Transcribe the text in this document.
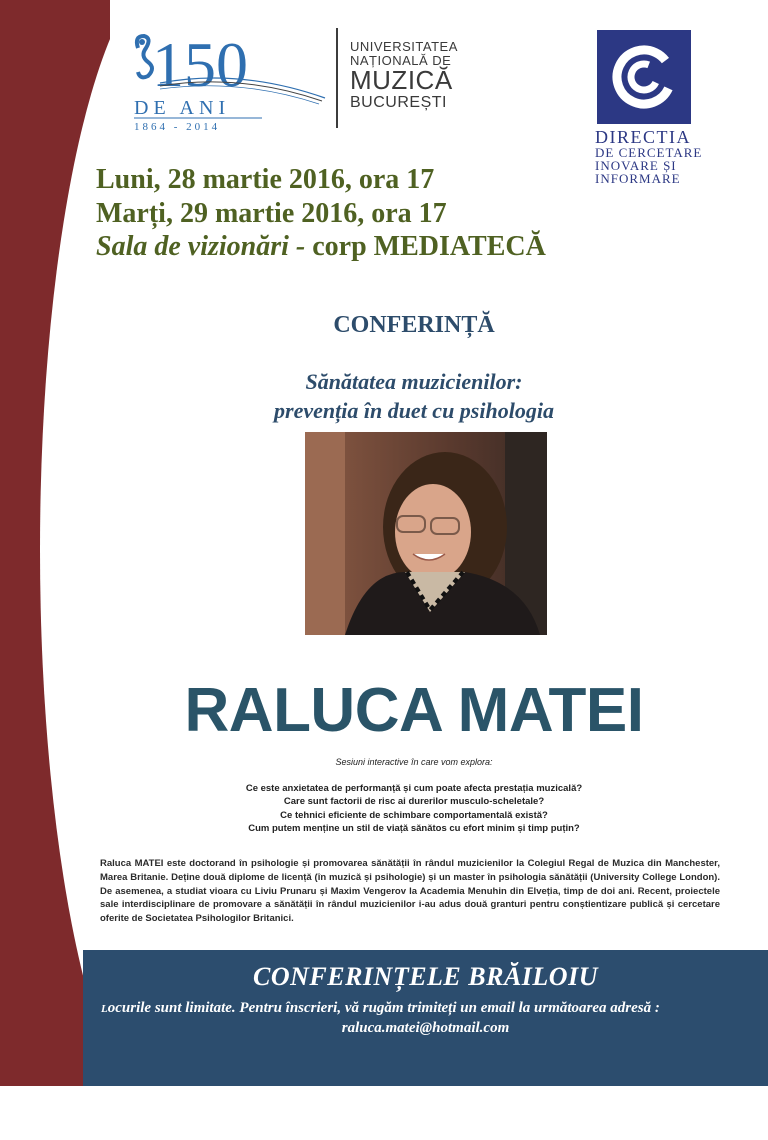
150
DE ANI
1864 - 2014
UNIVERSITATEA
NAȚIONALĂ DE
MUZICĂ
BUCUREȘTI
DIRECTIA
DE CERCETARE
INOVARE ȘI
INFORMARE
Luni, 28 martie 2016, ora 17
Marți, 29 martie 2016, ora 17
Sala de vizionări - corp MEDIATECĂ
CONFERINȚĂ
Sănătatea muzicienilor:
prevenția în duet cu psihologia
RALUCA MATEI
Sesiuni interactive în care vom explora:
Ce este anxietatea de performanță și cum poate afecta prestația muzicală?
Care sunt factorii de risc ai durerilor musculo-scheletale?
Ce tehnici eficiente de schimbare comportamentală există?
Cum putem menține un stil de viață sănătos cu efort minim și timp puțin?
Raluca MATEI este doctorand în psihologie și promovarea sănătății în rândul muzicienilor la Colegiul Regal de Muzica din Manchester, Marea Britanie. Deține două diplome de licență (în muzică și psihologie) și un master în psihologia sănătății (University College London). De asemenea, a studiat vioara cu Liviu Prunaru și Maxim Vengerov la Academia Menuhin din Elveția, timp de doi ani. Recent, proiectele sale interdisciplinare de promovare a sănătății în rândul muzicienilor i-au adus două granturi pentru conștientizare publică și cercetare oferite de Societatea Psihologilor Britanici.
CONFERINȚELE BRĂILOIU
Locurile sunt limitate. Pentru înscrieri, vă rugăm trimiteți un email la următoarea adresă :
raluca.matei@hotmail.com
